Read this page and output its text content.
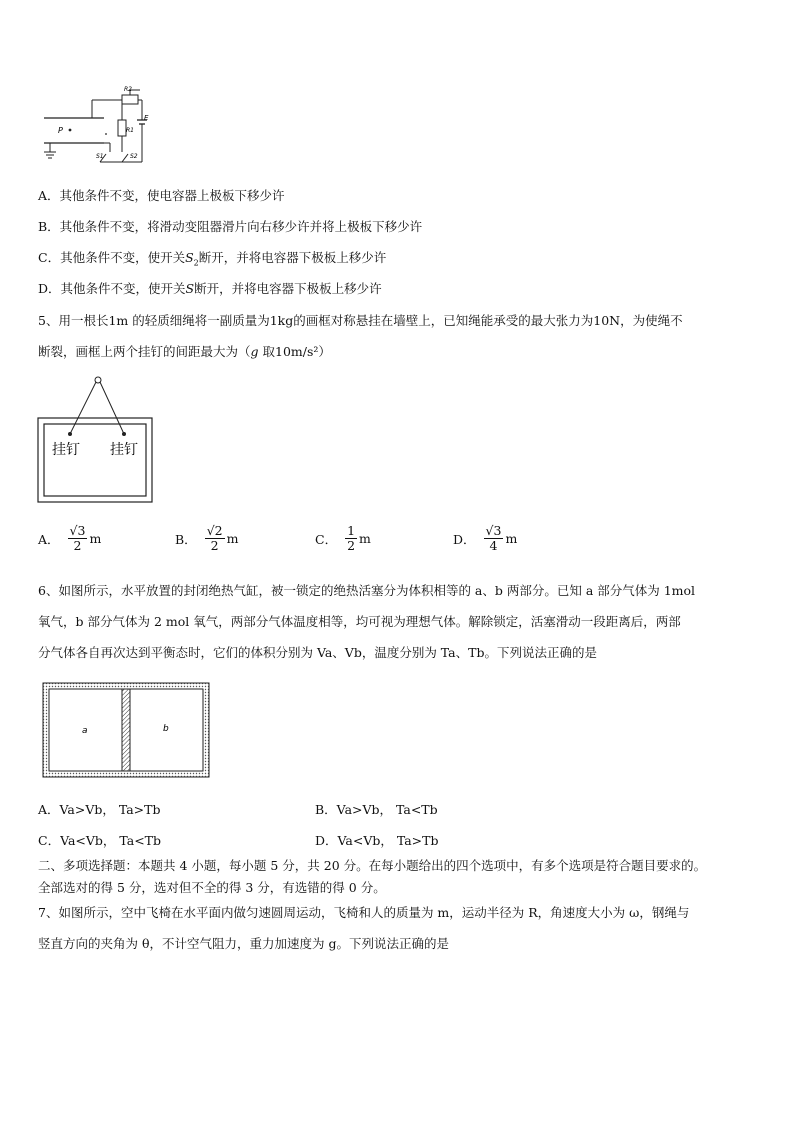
P
R2
R1
E
S1	S2
A．其他条件不变，使电容器上极板下移少许
B．其他条件不变，将滑动变阻器滑片向右移少许并将上极板下移少许
C．其他条件不变，使开关$S_2$断开，并将电容器下极板上移少许
D．其他条件不变，使开关S断开，并将电容器下极板上移少许
5、用一根长1m 的轻质细绳将一副质量为1kg的画框对称悬挂在墙壁上，已知绳能承受的最大张力为10N，为使绳不
断裂，画框上两个挂钉的间距最大为（g 取10m/s²）
挂钉 挂钉
A． $\frac{√3}{2}$ m	B． $\frac{√2}{2}$ m	C． $\frac{1}{2}$ m	D． $\frac{√3}{4}$ m
6、如图所示，水平放置的封闭绝热气缸，被一锁定的绝热活塞分为体积相等的 a、b 两部分。已知 a 部分气体为 1mol
氧气，b 部分气体为 2 mol 氧气，两部分气体温度相等，均可视为理想气体。解除锁定，活塞滑动一段距离后，两部
分气体各自再次达到平衡态时，它们的体积分别为 Va、Vb，温度分别为 Ta、Tb。下列说法正确的是
a	b
A．Va>Vb， Ta>Tb	B．Va>Vb， Ta<Tb
C．Va<Vb， Ta<Tb	D．Va<Vb， Ta>Tb
二、多项选择题：本题共 4 小题，每小题 5 分，共 20 分。在每小题给出的四个选项中，有多个选项是符合题目要求的。
全部选对的得 5 分，选对但不全的得 3 分，有选错的得 0 分。
7、如图所示，空中飞椅在水平面内做匀速圆周运动，飞椅和人的质量为 m，运动半径为 R，角速度大小为 ω，钢绳与
竖直方向的夹角为 θ，不计空气阻力，重力加速度为 g。下列说法正确的是
